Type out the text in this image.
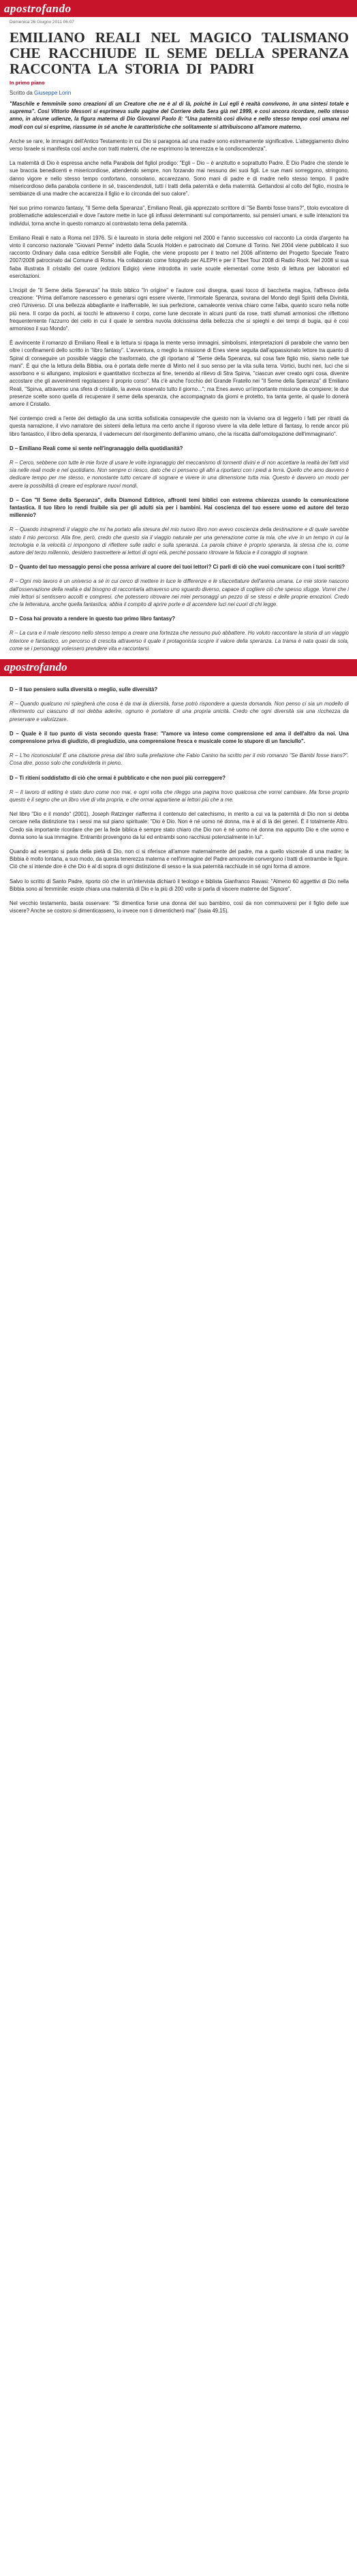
apostrofando
Domenica 26 Giugno 2011 06:07
EMILIANO REALI NEL MAGICO TALISMANO CHE RACCHIUDE IL SEME DELLA SPERANZA RACCONTA LA STORIA DI PADRI
In primo piano
Scritto da Giuseppe Lorin

"Maschile e femminile sono creazioni di un Creatore che ne è al di là, poiché in Lui egli è realtà convivono, in una sintesi totale e suprema". Così Vittorio Messori si esprimeva sulle pagine del Corriere della Sera già nel 1999, e così ancora ricordare, nello stesso anno, in alcune udienze, la figura materna di Dio Giovanni Paolo II: "Una paternità così divina e nello stesso tempo così umana nei modi con cui si esprime, riassume in sé anche le caratteristiche che solitamente si attribuiscono all'amore materno.

Anche se rare, le immagini dell'Antico Testamento in cui Dio si paragona ad una madre sono estremamente significative. L'atteggiamento divino verso Israele si manifesta così anche con tratti materni, che ne esprimono la tenerezza e la condiscendenza".

La maternità di Dio è espressa anche nella Parabola del figliol prodigo: "Egli – Dio – è anzitutto e soprattutto Padre. È Dio Padre che stende le sue braccia benedicenti e misericordiose, attendendo sempre, non forzando mai nessuno dei suoi figli. Le sue mani sorreggono, stringono, danno vigore e nello stesso tempo confortano, consolano, accarezzano. Sono mani di padre e di madre nello stesso tempo. Il padre misericordioso della parabola contiene in sé, trascendendoli, tutti i tratti della paternità e della maternità. Gettandosi al collo del figlio, mostra le sembianze di una madre che accarezza il figlio e lo circonda del suo calore".

Nel suo primo romanzo fantasy, "Il Seme della Speranza", Emiliano Reali, già apprezzato scrittore di "Se Bambi fosse trans?", titolo evocatore di problematiche adolescenziali e dove l'autore mette in luce gli influssi determinanti sul comportamento, sui pensieri umani, e sulle interazioni tra individui, torna anche in questo romanzo al contrastato tema della paternità.

Emiliano Reali è nato a Roma nel 1976. Si è laureato in storia delle religioni nel 2000 e l'anno successivo col racconto La corda d'argento ha vinto il concorso nazionale "Giovani Penne" indetto dalla Scuola Holden e patrocinato dal Comune di Torino. Nel 2004 viene pubblicato il suo racconto Ordinary dalla casa editrice Sensibili alle Foglie, che viene proposto per il teatro nel 2006 all'interno del Progetto Speciale Teatro 2007/2008 patrocinato dal Comune di Roma. Ha collaborato come fotografo per ALEPH e per il Tibet Tour 2008 di Radio Rock. Nel 2008 si sua fiaba illustrata Il cristallo del cuore (edizioni Edigio) viene introdotta in varie scuole elementari come testo di lettura per laboratori ed esercitazioni.

L'incipit de "Il Seme della Speranza" ha titolo biblico "In origine" e l'autore così disegna, quasi tocco di bacchetta magica, l'affresco della creazione: "Prima dell'amore nascessero e generarsi ogni essere vivente, l'immortale Speranza, sovrana del Mondo degli Spiriti della Divinità, creò l'Universo. Di una bellezza abbagliante e inafferrabile, lei sua perfezione, camaleonte veniva chiaro come l'alba, quanto scuro nella notte più nera. Il corpo da pochi, ai tocchi le attraverso il corpo, come lune decorate in alcuni punti da rose, tratti sfumati armoniosi che riflettono frequentemente l'azzurro del cielo in cui il quale le sembra nuvola dolcissima della bellezza che si spieghi e dei tempi di bugia, qui è così armonioso il suo Mondo".

È avvincente il romanzo di Emiliano Reali e la lettura si ripaga la mente verso immagini, simbolismi, interpretazioni di parabole che vanno ben oltre i confinamenti dello scritto in "libro fantasy". L'avventura, o meglio la missione di Enes viene seguita dall'appassionato lettore tra quanto di Spiral di conseguire un possibile viaggio che trasformato, che gli riportano al "Seme della Speranza, sul cosa fare figlio mio, siamo nelle tue mani". È qui che la lettura della Bibbia, ora è portata delle mente di Minto nel il suo senso per la vita sulla terra. Vortici, buchi neri, luci che si assorbono e si allungano, implosioni e quantitativo ricchezza al fine, tenendo al rilievo di Stra Spirva, "ciascun aver creato ogni cosa, divenire accostare che gli avvenimenti regolassero il proprio corso". Ma c'è anche l'occhio del Grande Fratello nei "Il Seme della Speranza" di Emiliano Reali, "Spirva, attraverso una sfera di cristallo, la aveva osservato tutto il giorno..."; ma Enes avevo un'importante missione da compiere; le due presenze scelte sono quella di recuperare il seme della speranza, che accompagnato da giorni e protetto, tra tanta gente, al quale lo donerà amore il Cristallo.

Nel contempo credi a l'ente dei dettaglio da una scritta sofisticata consapevole che questo non la viviamo ora di leggerlo i fatti per ritratti da questa narrazione, il vivo narratore dei sistemi della lettura ma certo anche il rigoroso vivere la vita delle letture di fantasy, lo rende ancor più libro fantastico, il libro della speranza, il vademecum del risorgimento dell'animo umano, che la riscatta dall'omologazione dell'immaginario".

D – Emiliano Reali come si sente nell'ingranaggio della quotidianità?

R – Cerco, sebbene con tutte le mie forze di usare le volte ingranaggio del meccanismo di tormenti divini e di non accettare la realtà dei fatti visti sia nelle reali mode e nel quotidiano. Non sempre ci riesco, dato che ci pensano gli altri a riportarci con i piedi a terra. Quello che amo davvero è dedicare tempo per me stesso, e nonostante tutto cercare di sognare e vivere in una dimensione tutta mia. Questo è davvero un modo per avere la possibilità di creare ed esplorare nuovi mondi.

D – Con "Il Seme della Speranza", della Diamond Editrice, affronti temi biblici con estrema chiarezza usando la comunicazione fantastica. Il tuo libro lo rendi fruibile sia per gli adulti sia per i bambini. Hai coscienza del tuo essere uomo ed autore del terzo millennio?

R – Quando intraprendi il viaggio che mi ha portato alla stesura del mio nuovo libro non avevo coscienza della destinazione e di quale sarebbe stato il mio percorso. Alla fine, però, credo che questo sia il viaggio naturale per una generazione come la mia, che vive in un tempo in cui la tecnologia e la velocità ci impongono di riflettere sulle radici e sulla speranza. La parola chiave è proprio speranza, la stessa che io, come autore del terzo millennio, desidero trasmettere ai lettori di ogni età, perché possano ritrovare la fiducia e il coraggio di sognare.

D – Quanto del tuo messaggio pensi che possa arrivare al cuore dei tuoi lettori? Ci parli di ciò che vuoi comunicare con i tuoi scritti?

R – Ogni mio lavoro è un universo a sé in cui cerco di mettere in luce le differenze e le sfaccettature dell'anima umana. Le mie storie nascono dall'osservazione della realtà e dal bisogno di raccontarla attraverso uno sguardo diverso, capace di cogliere ciò che spesso sfugge. Vorrei che i miei lettori si sentissero accolti e compresi, che potessero ritrovare nei miei personaggi un pezzo di se stessi e delle proprie emozioni. Credo che la letteratura, anche quella fantastica, abbia il compito di aprire porte e di accendere luci nei cuori di chi legge.

D – Cosa hai provato a rendere in questo tuo primo libro fantasy?

R – La cura e il male riescono nello stesso tempo a creare una fortezza che nessuno può abbattere. Ho voluto raccontare la storia di un viaggio interiore e fantastico, un percorso di crescita attraverso il quale il protagonista scopre il valore della speranza. La trama è nata quasi da sola, come se i personaggi volessero prendere vita e raccontarsi.

apostrofando

D – Il tuo pensiero sulla diversità o meglio, sulle diversità?

R – Quando qualcuno mi spiegherà che cosa è da mai la diversità, forse potrò rispondere a questa domanda. Non penso ci sia un modello di riferimento cui ciascuno di noi debba aderire, ognuno è portatore di una propria unicità. Credo che ogni diversità sia una ricchezza da preservare e valorizzare.

D – Quale è il tuo punto di vista secondo questa frase: "l'amore va inteso come comprensione ed ama il dell'altro da noi. Una comprensione priva di giudizio, di pregiudizio, una comprensione fresca e musicale come lo stupore di un fanciullo".

R – L'ho riconosciuta! È una citazione presa dal libro sulla prefazione che Fabio Canino ha scritto per il mio romanzo "Se Bambi fosse trans?". Cosa dire, posso solo che condividerla in pieno.

D – Ti ritieni soddisfatto di ciò che ormai è pubblicato e che non puoi più correggere?

R – Il lavoro di editing è stato duro come non mai, e ogni volta che rileggo una pagina trovo qualcosa che vorrei cambiare. Ma forse proprio questo è il segno che un libro vive di vita propria, e che ormai appartiene ai lettori più che a me.

Nel libro "Dio e il mondo" (2001), Joseph Ratzinger riafferma il contenuto del catechismo, in merito a cui va la paternità di Dio non si debba cercare nella distinzione tra i sessi ma sul piano spirituale: "Dio è Dio. Non è né uomo né donna, ma è al di là dei generi. È il totalmente Altro. Credo sia importante ricordare che per la fede biblica è sempre stato chiaro che Dio non è né uomo né donna ma appunto Dio e che uomo e donna sono la sua immagine. Entrambi provengono da lui ed entrambi sono racchiusi potenzialmente in lui".

Quando ad esempio si parla della pietà di Dio, non ci si riferisce all'amore maternalmente del padre, ma a quello viscerale di una madre; la Bibbia è molto lontana, a suo modo, da questa tenerezza materna e nell'immagine del Padre amorevole convergono i tratti di entrambe le figure. Ciò che si intende dire è che Dio è al di sopra di ogni distinzione di sesso e la sua paternità racchiude in sé ogni forma di amore.

Salvo lo scritto di Santo Padre, riporto ciò che in un'intervista dichiarò il teologo e biblista Gianfranco Ravasi: "Almeno 60 aggettivi di Dio nella Bibbia sono al femminile: esiste chiara una maternità di Dio e la più di 200 volte si parla di viscere materne del Signore".

Nel vecchio testamento, basta osservare: "Si dimentica forse una donna del suo bambino, così da non commuoversi per il figlio delle sue viscere? Anche se costoro si dimenticassero, io invece non ti dimenticherò mai" (Isaia 49,15).
